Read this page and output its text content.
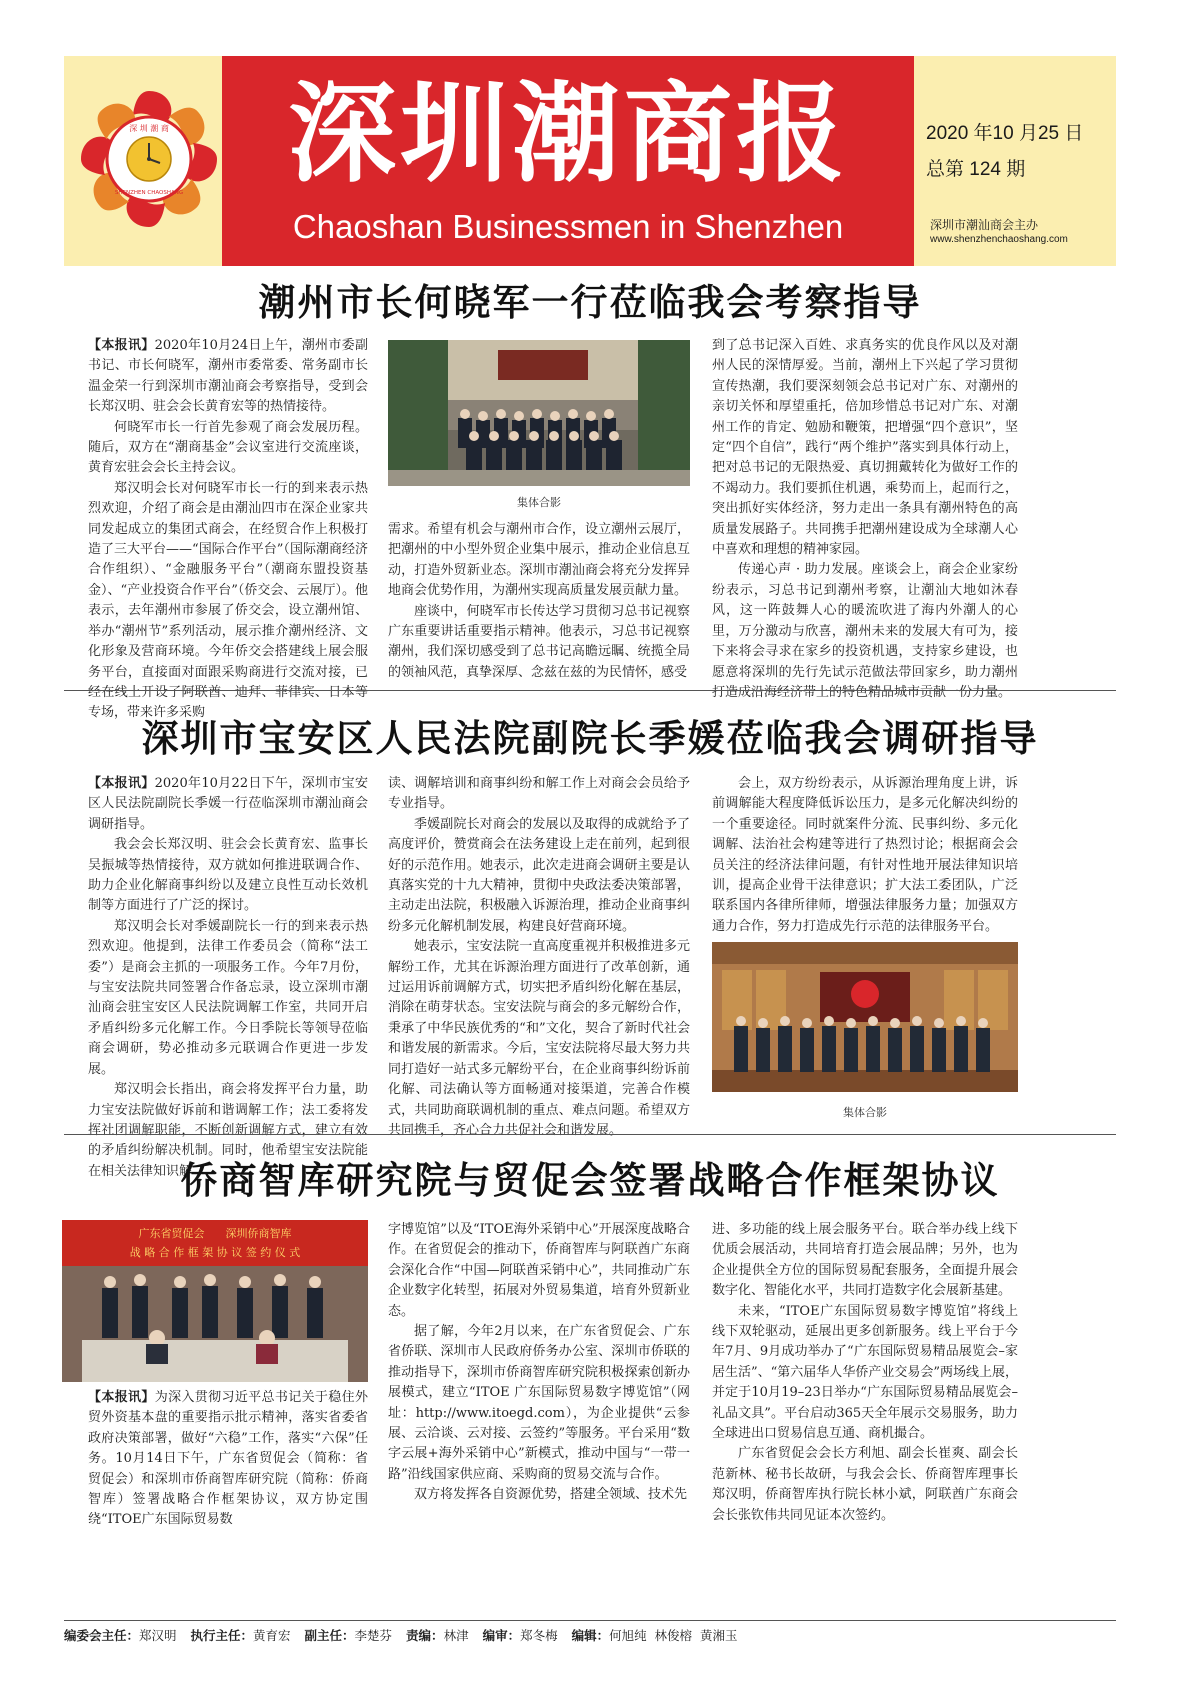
深 圳 潮 商
SHENZHEN CHAOSHANG 深圳潮商报
Chaoshan Businessmen in Shenzhen
2020 年10 月25 日
总第 124 期
深圳市潮汕商会主办
www.shenzhenchaoshang.com
潮州市长何晓军一行莅临我会考察指导

【本报讯】2020年10月24日上午，潮州市委副书记、市长何晓军，潮州市委常委、常务副市长温金荣一行到深圳市潮汕商会考察指导，受到会长郑汉明、驻会会长黄育宏等的热情接待。

何晓军市长一行首先参观了商会发展历程。随后，双方在“潮商基金”会议室进行交流座谈，黄育宏驻会会长主持会议。

郑汉明会长对何晓军市长一行的到来表示热烈欢迎，介绍了商会是由潮汕四市在深企业家共同发起成立的集团式商会，在经贸合作上积极打造了三大平台——“国际合作平台”（国际潮商经济合作组织）、“金融服务平台”（潮商东盟投资基金）、“产业投资合作平台”（侨交会、云展厅）。他表示，去年潮州市参展了侨交会，设立潮州馆、举办“潮州节”系列活动，展示推介潮州经济、文化形象及营商环境。今年侨交会搭建线上展会服务平台，直接面对面跟采购商进行交流对接，已经在线上开设了阿联酋、迪拜、菲律宾、日本等专场，带来许多采购

集体合影

需求。希望有机会与潮州市合作，设立潮州云展厅，把潮州的中小型外贸企业集中展示，推动企业信息互动，打造外贸新业态。深圳市潮汕商会将充分发挥异地商会优势作用，为潮州实现高质量发展贡献力量。

座谈中，何晓军市长传达学习贯彻习总书记视察广东重要讲话重要指示精神。他表示，习总书记视察潮州，我们深切感受到了总书记高瞻远瞩、统揽全局的领袖风范，真挚深厚、念兹在兹的为民情怀，感受

到了总书记深入百姓、求真务实的优良作风以及对潮州人民的深情厚爱。当前，潮州上下兴起了学习贯彻宣传热潮，我们要深刻领会总书记对广东、对潮州的亲切关怀和厚望重托，倍加珍惜总书记对广东、对潮州工作的肯定、勉励和鞭策，把增强“四个意识”，坚定“四个自信”，践行“两个维护”落实到具体行动上，把对总书记的无限热爱、真切拥戴转化为做好工作的不竭动力。我们要抓住机遇，乘势而上，起而行之，突出抓好实体经济，努力走出一条具有潮州特色的高质量发展路子。共同携手把潮州建设成为全球潮人心中喜欢和理想的精神家园。

传递心声 · 助力发展。座谈会上，商会企业家纷纷表示，习总书记到潮州考察，让潮汕大地如沐春风，这一阵鼓舞人心的暖流吹进了海内外潮人的心里，万分激动与欣喜，潮州未来的发展大有可为，接下来将会寻求在家乡的投资机遇，支持家乡建设，也愿意将深圳的先行先试示范做法带回家乡，助力潮州打造成沿海经济带上的特色精品城市贡献一份力量。

深圳市宝安区人民法院副院长季媛莅临我会调研指导

【本报讯】2020年10月22日下午，深圳市宝安区人民法院副院长季媛一行莅临深圳市潮汕商会调研指导。

我会会长郑汉明、驻会会长黄育宏、监事长吴振城等热情接待，双方就如何推进联调合作、助力企业化解商事纠纷以及建立良性互动长效机制等方面进行了广泛的探讨。

郑汉明会长对季媛副院长一行的到来表示热烈欢迎。他提到，法律工作委员会（简称“法工委”）是商会主抓的一项服务工作。今年7月份，与宝安法院共同签署合作备忘录，设立深圳市潮汕商会驻宝安区人民法院调解工作室，共同开启矛盾纠纷多元化解工作。今日季院长等领导莅临商会调研，势必推动多元联调合作更进一步发展。

郑汉明会长指出，商会将发挥平台力量，助力宝安法院做好诉前和谐调解工作；法工委将发挥社团调解职能，不断创新调解方式，建立有效的矛盾纠纷解决机制。同时，他希望宝安法院能在相关法律知识解

读、调解培训和商事纠纷和解工作上对商会会员给予专业指导。

季媛副院长对商会的发展以及取得的成就给予了高度评价，赞赏商会在法务建设上走在前列，起到很好的示范作用。她表示，此次走进商会调研主要是认真落实党的十九大精神，贯彻中央政法委决策部署，主动走出法院，积极融入诉源治理，推动企业商事纠纷多元化解机制发展，构建良好营商环境。

她表示，宝安法院一直高度重视并积极推进多元解纷工作，尤其在诉源治理方面进行了改革创新，通过运用诉前调解方式，切实把矛盾纠纷化解在基层，消除在萌芽状态。宝安法院与商会的多元解纷合作，秉承了中华民族优秀的“和”文化，契合了新时代社会和谐发展的新需求。今后，宝安法院将尽最大努力共同打造好一站式多元解纷平台，在企业商事纠纷诉前化解、司法确认等方面畅通对接渠道，完善合作模式，共同助商联调机制的重点、难点问题。希望双方共同携手，齐心合力共促社会和谐发展。

会上，双方纷纷表示，从诉源治理角度上讲，诉前调解能大程度降低诉讼压力，是多元化解决纠纷的一个重要途径。同时就案件分流、民事纠纷、多元化调解、法治社会构建等进行了热烈讨论；根据商会会员关注的经济法律问题，有针对性地开展法律知识培训，提高企业骨干法律意识；扩大法工委团队，广泛联系国内各律所律师，增强法律服务力量；加强双方通力合作，努力打造成先行示范的法律服务平台。

集体合影
侨商智库研究院与贸促会签署战略合作框架协议
广东省贸促会      深圳侨商智库
战 略 合 作 框 架 协 议 签 约 仪 式

【本报讯】为深入贯彻习近平总书记关于稳住外贸外资基本盘的重要指示批示精神，落实省委省政府决策部署，做好“六稳”工作，落实“六保”任务。10月14日下午，广东省贸促会（简称：省贸促会）和深圳市侨商智库研究院（简称：侨商智库）签署战略合作框架协议，双方协定围绕“ITOE广东国际贸易数

字博览馆”以及“ITOE海外采销中心”开展深度战略合作。在省贸促会的推动下，侨商智库与阿联酋广东商会深化合作“中国—阿联酋采销中心”，共同推动广东企业数字化转型，拓展对外贸易集道，培育外贸新业态。

据了解，今年2月以来，在广东省贸促会、广东省侨联、深圳市人民政府侨务办公室、深圳市侨联的推动指导下，深圳市侨商智库研究院积极探索创新办展模式，建立“ITOE 广东国际贸易数字博览馆”（网址：http://www.itoegd.com），为企业提供“云参展、云洽谈、云对接、云签约”等服务。平台采用“数字云展+海外采销中心”新模式，推动中国与“一带一路”沿线国家供应商、采购商的贸易交流与合作。

双方将发挥各自资源优势，搭建全领域、技术先

进、多功能的线上展会服务平台。联合举办线上线下优质会展活动，共同培育打造会展品牌；另外，也为企业提供全方位的国际贸易配套服务，全面提升展会数字化、智能化水平，共同打造数字化会展新基建。

未来，“ITOE广东国际贸易数字博览馆”将线上线下双轮驱动，延展出更多创新服务。线上平台于今年7月、9月成功举办了“广东国际贸易精品展览会–家居生活”、“第六届华人华侨产业交易会”两场线上展，并定于10月19–23日举办“广东国际贸易精品展览会–礼品文具”。平台启动365天全年展示交易服务，助力全球进出口贸易信息互通、商机撮合。

广东省贸促会会长方利旭、副会长崔爽、副会长范新林、秘书长故研，与我会会长、侨商智库理事长郑汉明，侨商智库执行院长林小斌，阿联酋广东商会会长张钦伟共同见证本次签约。

编委会主任：郑汉明 执行主任：黄育宏 副主任：李楚芬 责编：林津 编审：郑冬梅 编辑：何旭纯  林俊榕  黄湘玉
